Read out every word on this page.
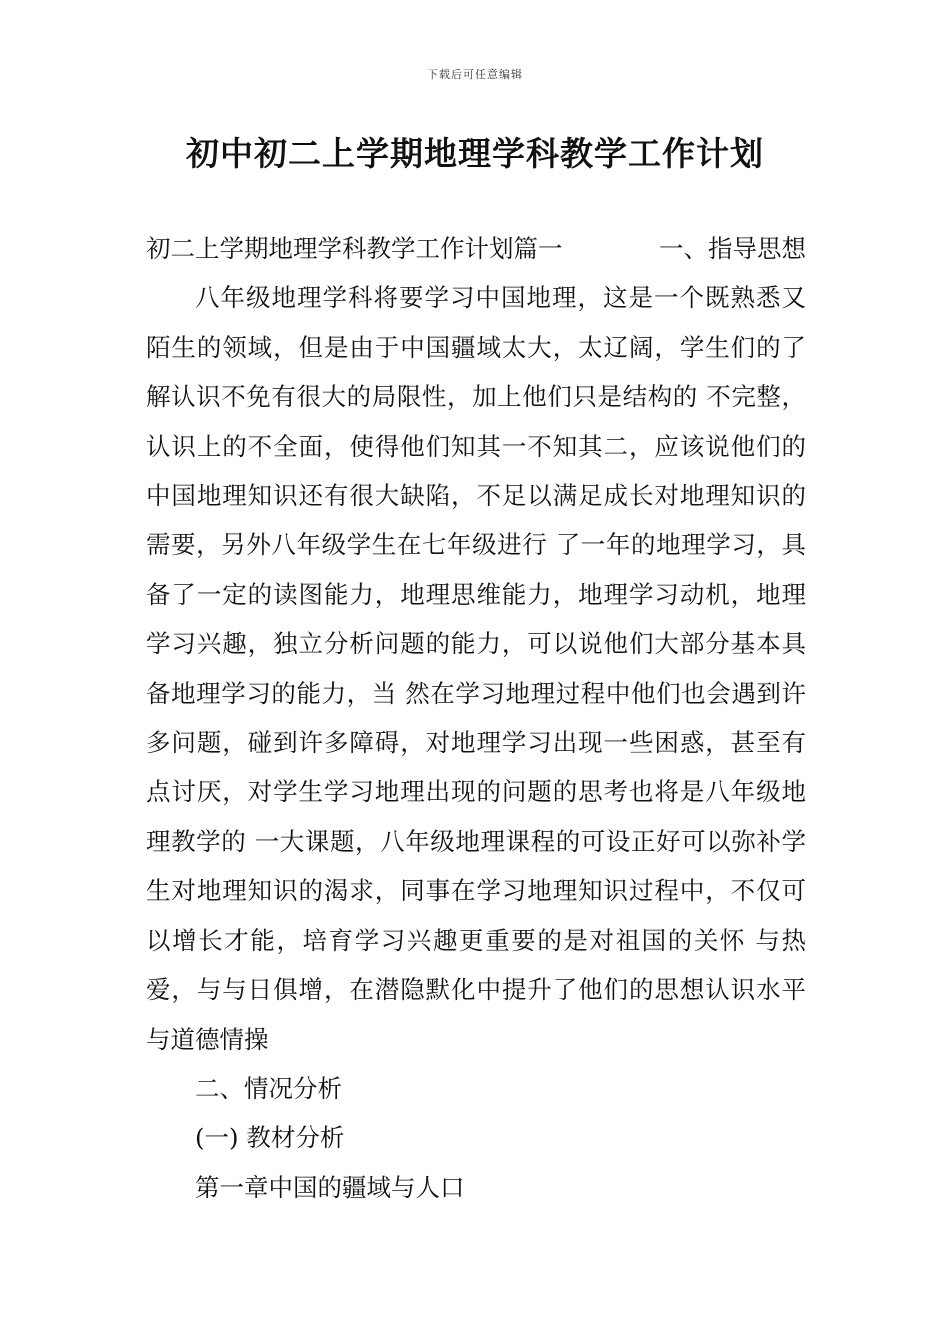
下载后可任意编辑
初中初二上学期地理学科教学工作计划
初二上学期地理学科教学工作计划篇一	一、指导思想

八年级地理学科将要学习中国地理，这是一个既熟悉又陌生的领域，但是由于中国疆域太大，太辽阔，学生们的了解认识不免有很大的局限性，加上他们只是结构的 不完整，认识上的不全面，使得他们知其一不知其二，应该说他们的中国地理知识还有很大缺陷，不足以满足成长对地理知识的需要，另外八年级学生在七年级进行 了一年的地理学习，具备了一定的读图能力，地理思维能力，地理学习动机，地理学习兴趣，独立分析问题的能力，可以说他们大部分基本具备地理学习的能力，当 然在学习地理过程中他们也会遇到许多问题，碰到许多障碍，对地理学习出现一些困惑，甚至有点讨厌，对学生学习地理出现的问题的思考也将是八年级地理教学的 一大课题，八年级地理课程的可设正好可以弥补学生对地理知识的渴求，同事在学习地理知识过程中，不仅可以增长才能，培育学习兴趣更重要的是对祖国的关怀 与热爱，与与日俱增，在潜隐默化中提升了他们的思想认识水平与道德情操

二、情况分析

(一) 教材分析

第一章中国的疆域与人口
